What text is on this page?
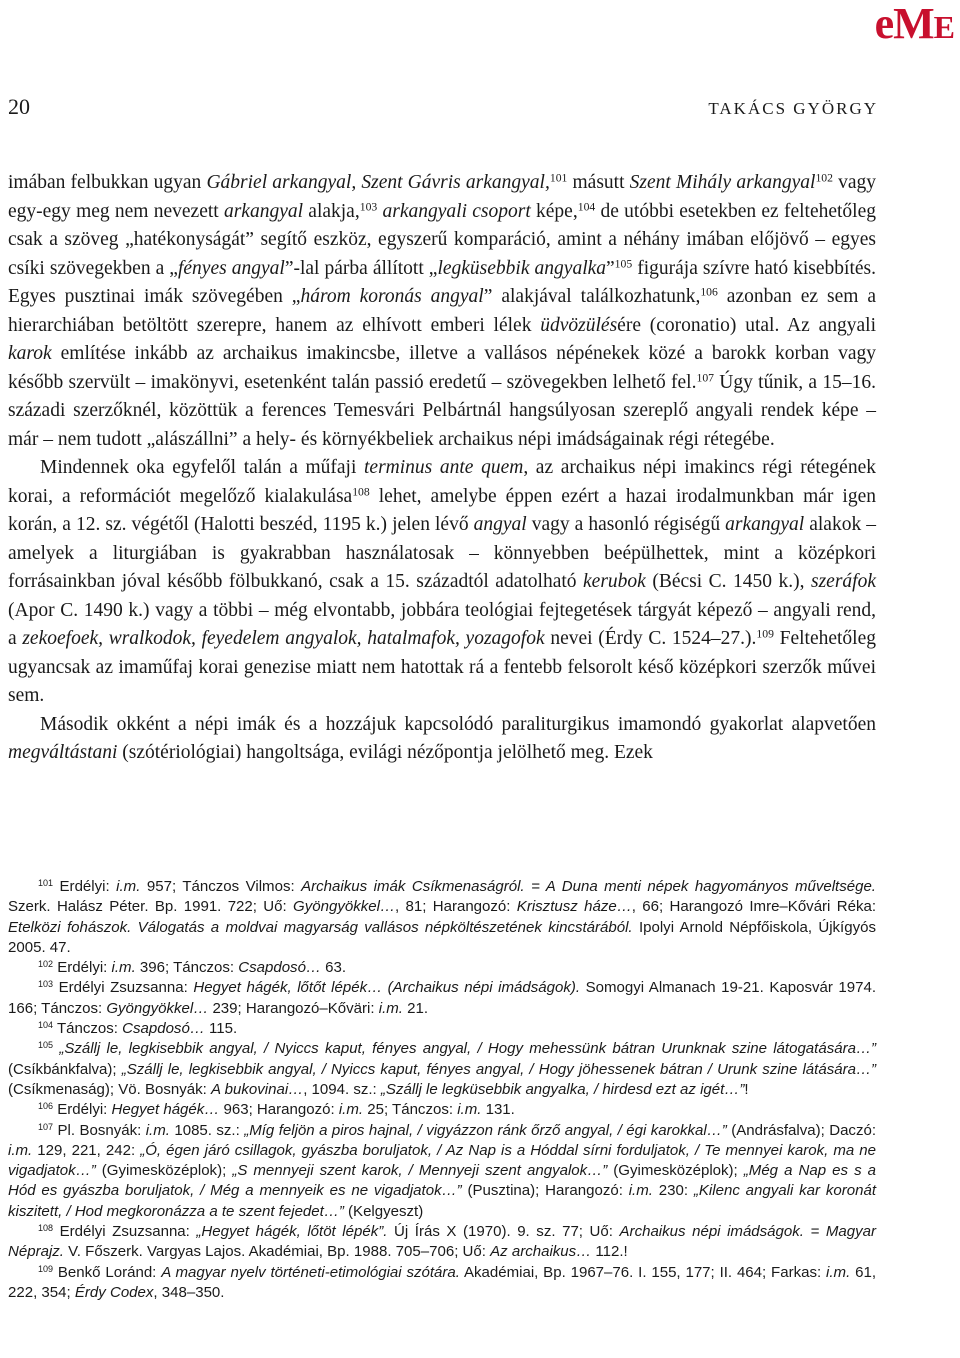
eME
20	TAKÁCS GYÖRGY

imában felbukkan ugyan Gábriel arkangyal, Szent Gávris arkangyal,$^{101}$ másutt Szent Mihály arkangyal$^{102}$ vagy egy-egy meg nem nevezett arkangyal alakja,$^{103}$ arkangyali csoport képe,$^{104}$ de utóbbi esetekben ez feltehetőleg csak a szöveg „hatékonyságát” segítő eszköz, egyszerű komparáció, amint a néhány imában előjövő – egyes csíki szövegekben a „fényes angyal”-lal párba állított „legküsebbik angyalka”$^{105}$ figurája szívre ható kisebbítés. Egyes pusztinai imák szövegében „három koronás angyal” alakjával találkozhatunk,$^{106}$ azonban ez sem a hierarchiában betöltött szerepre, hanem az elhívott emberi lélek üdvözülésére (coronatio) utal. Az angyali karok említése inkább az archaikus imakincsbe, illetve a vallásos népénekek közé a barokk korban vagy később szervült – imakönyvi, esetenként talán passió eredetű – szövegekben lelhető fel.$^{107}$ Úgy tűnik, a 15–16. századi szerzőknél, közöttük a ferences Temesvári Pelbártnál hangsúlyosan szereplő angyali rendek képe – már – nem tudott „alászállni” a hely- és környékbeliek archaikus népi imádságainak régi rétegébe.

Mindennek oka egyfelől talán a műfaji terminus ante quem, az archaikus népi imakincs régi rétegének korai, a reformációt megelőző kialakulása$^{108}$ lehet, amelybe éppen ezért a hazai irodalmunkban már igen korán, a 12. sz. végétől (Halotti beszéd, 1195 k.) jelen lévő angyal vagy a hasonló régiségű arkangyal alakok – amelyek a liturgiában is gyakrabban használatosak – könnyebben beépülhettek, mint a középkori forrásainkban jóval később fölbukkanó, csak a 15. századtól adatolható kerubok (Bécsi C. 1450 k.), szeráfok (Apor C. 1490 k.) vagy a többi – még elvontabb, jobbára teológiai fejtegetések tárgyát képező – angyali rend, a zekoefoek, wralkodok, feyedelem angyalok, hatalmafok, yozagofok nevei (Érdy C. 1524–27.).$^{109}$ Feltehetőleg ugyancsak az imaműfaj korai genezise miatt nem hatottak rá a fentebb felsorolt késő középkori szerzők művei sem.

Második okként a népi imák és a hozzájuk kapcsolódó paraliturgikus imamondó gyakorlat alapvetően megváltástani (szótériológiai) hangoltsága, evilági nézőpontja jelölhető meg. Ezek

$^{101}$ Erdélyi: i.m. 957; Tánczos Vilmos: Archaikus imák Csíkmenaságról. = A Duna menti népek hagyományos műveltsége. Szerk. Halász Péter. Bp. 1991. 722; Uő: Gyöngyökkel…, 81; Harangozó: Krisztusz háze…, 66; Harangozó Imre–Kővári Réka: Etelközi fohászok. Válogatás a moldvai magyarság vallásos népköltészetének kincstárából. Ipolyi Arnold Népfőiskola, Újkígyós 2005. 47.

$^{102}$ Erdélyi: i.m. 396; Tánczos: Csapdosó… 63.

$^{103}$ Erdélyi Zsuzsanna: Hegyet hágék, lőtőt lépék… (Archaikus népi imádságok). Somogyi Almanach 19-21. Kaposvár 1974. 166; Tánczos: Gyöngyökkel… 239; Harangozó–Kőväri: i.m. 21.

$^{104}$ Tánczos: Csapdosó… 115.

$^{105}$ „Szállj le, legkisebbik angyal, / Nyiccs kaput, fényes angyal, / Hogy mehessünk bátran Urunknak szine látogatására…” (Csíkbánkfalva); „Szállj le, legkisebbik angyal, / Nyiccs kaput, fényes angyal, / Hogy jöhessenek bátran / Urunk szine látására…” (Csíkmenaság); Vö. Bosnyák: A bukovinai…, 1094. sz.: „Szállj le legküsebbik angyalka, / hirdesd ezt az igét…”!

$^{106}$ Erdélyi: Hegyet hágék… 963; Harangozó: i.m. 25; Tánczos: i.m. 131.

$^{107}$ Pl. Bosnyák: i.m. 1085. sz.: „Míg feljön a piros hajnal, / vigyázzon ránk őrző angyal, / égi karokkal…” (Andrásfalva); Daczó: i.m. 129, 221, 242: „Ó, égen járó csillagok, gyászba boruljatok, / Az Nap is a Hóddal sírni forduljatok, / Te mennyei karok, ma ne vigadjatok…” (Gyimesközéplok); „S mennyeji szent karok, / Mennyeji szent angyalok…” (Gyimesközéplok); „Még a Nap es s a Hód es gyászba boruljatok, / Még a mennyeik es ne vigadjatok…” (Pusztina); Harangozó: i.m. 230: „Kilenc angyali kar koronát kiszitett, / Hod megkoronázza a te szent fejedet…” (Kelgyeszt)

$^{108}$ Erdélyi Zsuzsanna: „Hegyet hágék, lőtöt lépék”. Új Írás X (1970). 9. sz. 77; Uő: Archaikus népi imádságok. = Magyar Néprajz. V. Főszerk. Vargyas Lajos. Akadémiai, Bp. 1988. 705–706; Uő: Az archaikus… 112.!

$^{109}$ Benkő Loránd: A magyar nyelv történeti-etimológiai szótára. Akadémiai, Bp. 1967–76. I. 155, 177; II. 464; Farkas: i.m. 61, 222, 354; Érdy Codex, 348–350.
